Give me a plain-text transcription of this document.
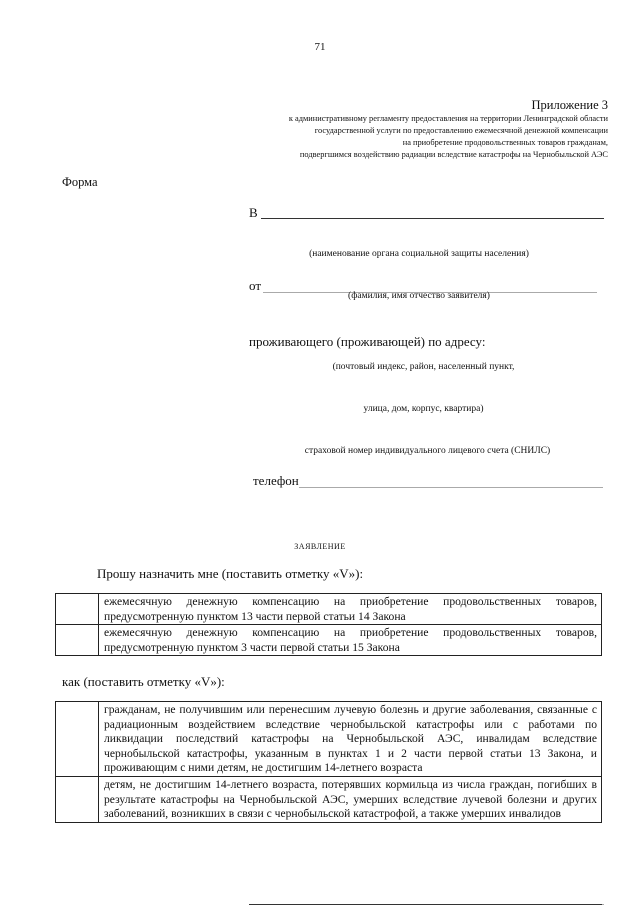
71
Приложение 3
к административному регламенту предоставления на территории Ленинградской области
государственной услуги по предоставлению ежемесячной денежной компенсации
на приобретение продовольственных товаров гражданам,
подвергшимся воздействию радиации вследствие катастрофы на Чернобыльской АЭС
Форма
В
(наименование органа социальной защиты населения)
от
(фамилия, имя отчество заявителя)
проживающего (проживающей) по адресу:
(почтовый индекс, район, населенный пункт,
улица, дом, корпус, квартира)
страховой номер индивидуального лицевого счета (СНИЛС)
телефон
ЗАЯВЛЕНИЕ
Прошу назначить мне (поставить отметку «V»):
	ежемесячную денежную компенсацию на приобретение продовольственных товаров, предусмотренную пунктом 13 части первой статьи 14 Закона
	ежемесячную денежную компенсацию на приобретение продовольственных товаров, предусмотренную пунктом 3 части первой статьи 15 Закона
как (поставить отметку «V»):
	гражданам, не получившим или перенесшим лучевую болезнь и другие заболевания, связанные с радиационным воздействием вследствие чернобыльской катастрофы или с работами по ликвидации последствий катастрофы на Чернобыльской АЭС, инвалидам вследствие чернобыльской катастрофы, указанным в пунктах 1 и 2 части первой статьи 13 Закона, и проживающим с ними детям, не достигшим 14-летнего возраста
	детям, не достигшим 14-летнего возраста, потерявших кормильца из числа граждан, погибших в результате катастрофы на Чернобыльской АЭС, умерших вследствие лучевой болезни и других заболеваний, возникших в связи с чернобыльской катастрофой, а также умерших инвалидов
